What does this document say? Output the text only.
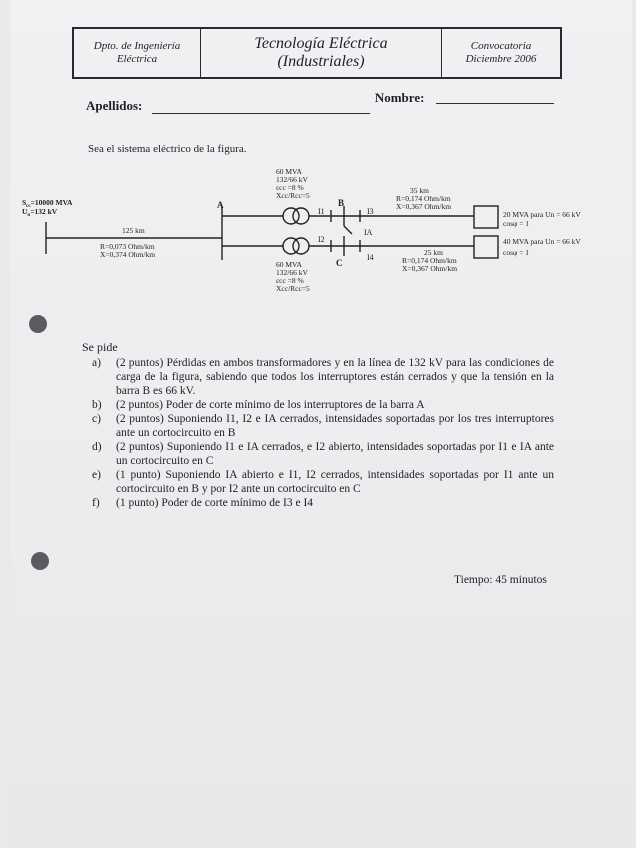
Dpto. de Ingeniería
Eléctrica
Tecnología Eléctrica
(Industriales)
Convocatoria
Diciembre 2006
Apellidos:  Nombre:
Sea el sistema eléctrico de la figura.
$S_{cc}=10000$ MVA
$U_n=132$ kV
125 km
R=0,073 Ohm/km
X=0,374 Ohm/km
A	B
C
60 MVA
132/66 kV
εcc =8 %
Xcc/Rcc=5
60 MVA
132/66 kV
εcc =8 %
Xcc/Rcc=5
I1
I2
I3
I4
IA
35 km
R=0,174 Ohm/km
X=0,367 Ohm/km
25 km
R=0,174 Ohm/km
X=0,367 Ohm/km
20 MVA para Un = 66 kV
cosφ = 1
40 MVA para Un = 66 kV
cosφ = 1
Se pide
a)	(2 puntos) Pérdidas en ambos transformadores y en la línea de 132 kV para las condiciones de carga de la figura, sabiendo que todos los interruptores están cerrados y que la tensión en la barra B es 66 kV.
b)	(2 puntos) Poder de corte mínimo de los interruptores de la barra A
c)	(2 puntos) Suponiendo I1, I2 e IA cerrados, intensidades soportadas por los tres interruptores ante un cortocircuito en B
d)	(2 puntos) Suponiendo I1 e IA cerrados, e I2 abierto, intensidades soportadas por I1 e IA ante un cortocircuito en C
e)	(1 punto) Suponiendo IA abierto e I1, I2 cerrados, intensidades soportadas por I1 ante un cortocircuito en B y por I2 ante un cortocircuito en C
f)	(1 punto) Poder de corte mínimo de I3 e I4
Tiempo: 45 minutos
